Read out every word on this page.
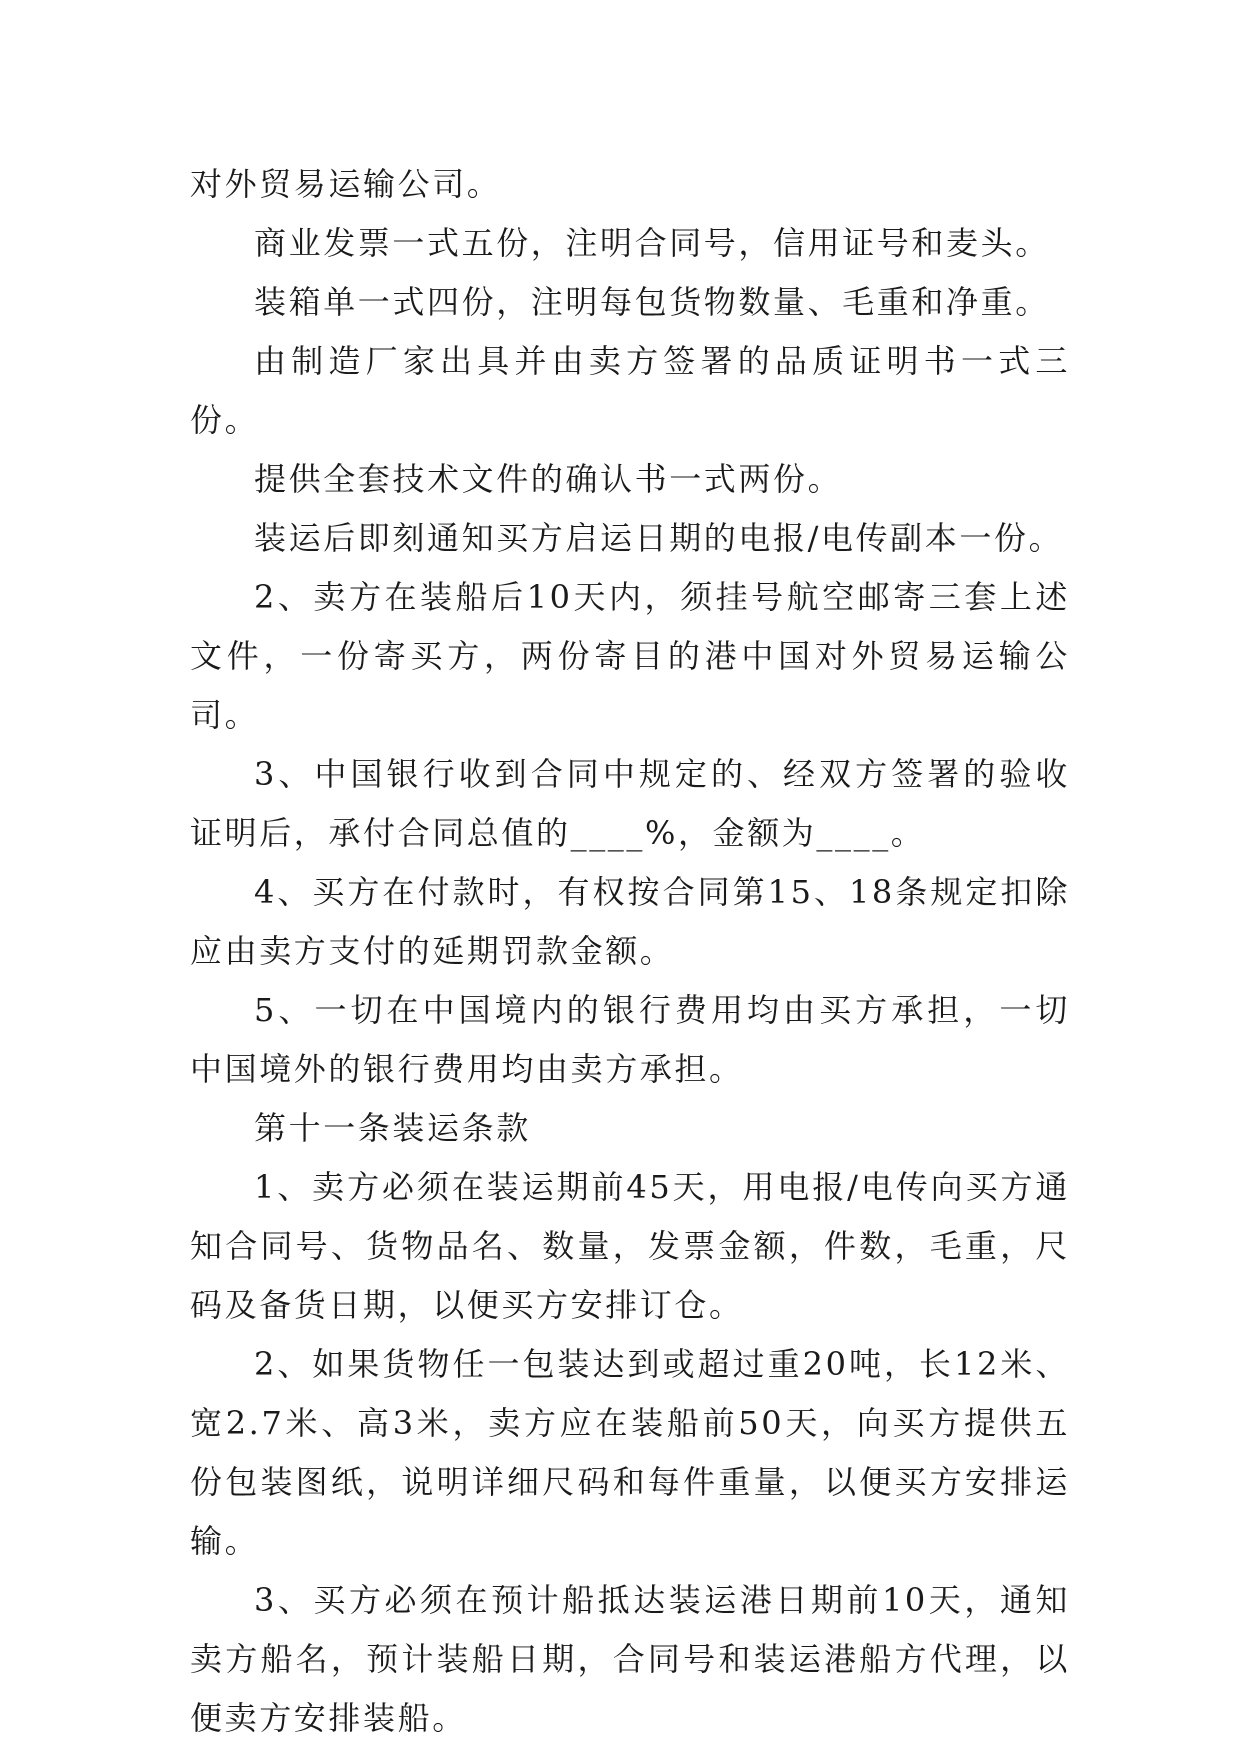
对外贸易运输公司。

商业发票一式五份，注明合同号，信用证号和麦头。

装箱单一式四份，注明每包货物数量、毛重和净重。

由制造厂家出具并由卖方签署的品质证明书一式三份。

提供全套技术文件的确认书一式两份。

装运后即刻通知买方启运日期的电报/电传副本一份。

2、卖方在装船后10天内，须挂号航空邮寄三套上述文件，一份寄买方，两份寄目的港中国对外贸易运输公司。

3、中国银行收到合同中规定的、经双方签署的验收证明后，承付合同总值的____%，金额为____。

4、买方在付款时，有权按合同第15、18条规定扣除应由卖方支付的延期罚款金额。

5、一切在中国境内的银行费用均由买方承担，一切中国境外的银行费用均由卖方承担。

第十一条装运条款

1、卖方必须在装运期前45天，用电报/电传向买方通知合同号、货物品名、数量，发票金额，件数，毛重，尺码及备货日期，以便买方安排订仓。

2、如果货物任一包装达到或超过重20吨，长12米、宽2.7米、高3米，卖方应在装船前50天，向买方提供五份包装图纸，说明详细尺码和每件重量，以便买方安排运输。

3、买方必须在预计船抵达装运港日期前10天，通知卖方船名，预计装船日期，合同号和装运港船方代理，以便卖方安排装船。
